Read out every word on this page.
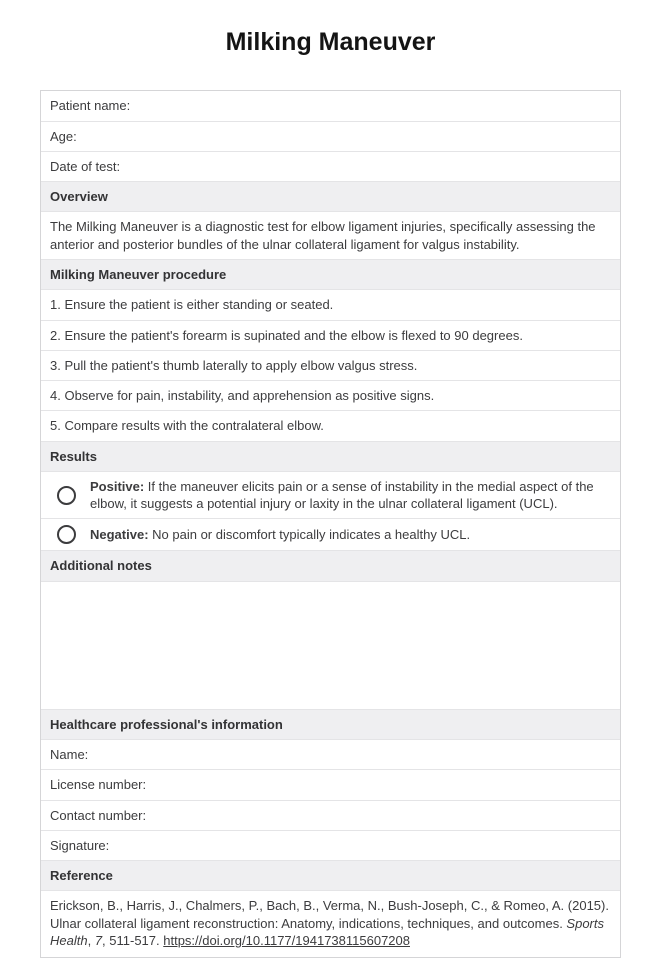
Milking Maneuver
Patient name:
Age:
Date of test:
Overview
The Milking Maneuver is a diagnostic test for elbow ligament injuries, specifically assessing the anterior and posterior bundles of the ulnar collateral ligament for valgus instability.
Milking Maneuver procedure
1. Ensure the patient is either standing or seated.
2. Ensure the patient's forearm is supinated and the elbow is flexed to 90 degrees.
3. Pull the patient's thumb laterally to apply elbow valgus stress.
4. Observe for pain, instability, and apprehension as positive signs.
5. Compare results with the contralateral elbow.
Results
Positive: If the maneuver elicits pain or a sense of instability in the medial aspect of the elbow, it suggests a potential injury or laxity in the ulnar collateral ligament (UCL).
Negative: No pain or discomfort typically indicates a healthy UCL.
Additional notes
Healthcare professional's information
Name:
License number:
Contact number:
Signature:
Reference
Erickson, B., Harris, J., Chalmers, P., Bach, B., Verma, N., Bush-Joseph, C., & Romeo, A. (2015). Ulnar collateral ligament reconstruction: Anatomy, indications, techniques, and outcomes. Sports Health, 7, 511-517. https://doi.org/10.1177/1941738115607208
